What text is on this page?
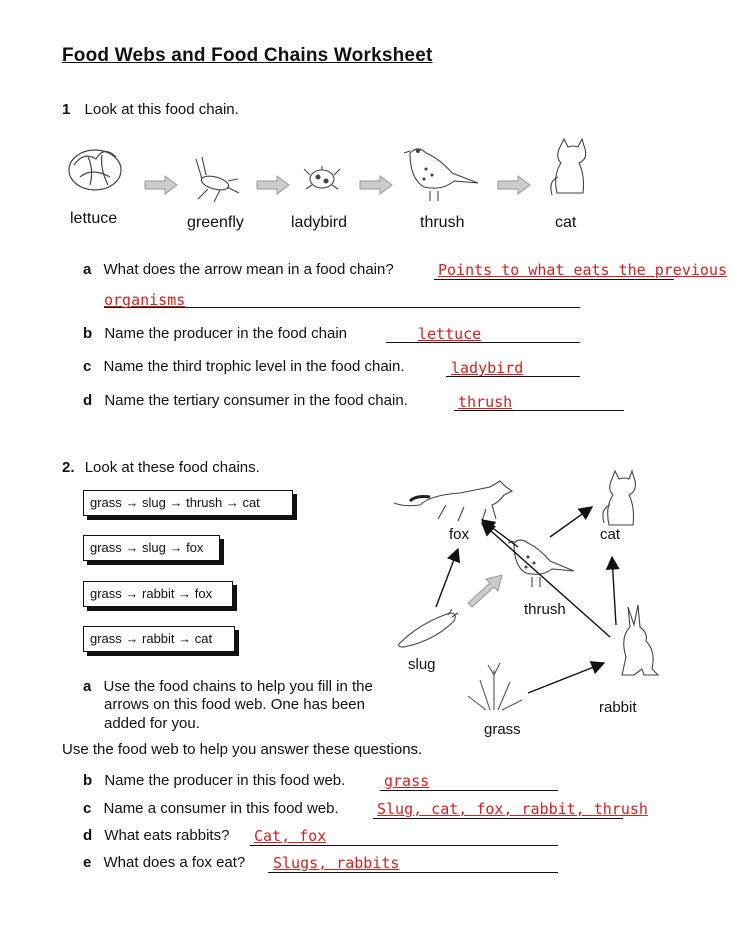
Food Webs and Food Chains Worksheet
1 Look at this food chain.
lettuce	greenfly	ladybird	thrush	cat
a What does the arrow mean in a food chain?	Points to what eats the previous
organisms
b Name the producer in the food chain	lettuce
c Name the third trophic level in the food chain.	ladybird
d Name the tertiary consumer in the food chain.	thrush
2. Look at these food chains.
grass → slug → thrush → cat
grass → slug → fox
grass → rabbit → fox
grass → rabbit → cat
fox	cat
thrush
slug
rabbit
grass
a Use the food chains to help you fill in the
arrows on this food web. One has been
added for you.
Use the food web to help you answer these questions.
b Name the producer in this food web.	grass
c Name a consumer in this food web.	Slug, cat, fox, rabbit, thrush
d What eats rabbits? Cat, fox
e What does a fox eat? Slugs, rabbits
